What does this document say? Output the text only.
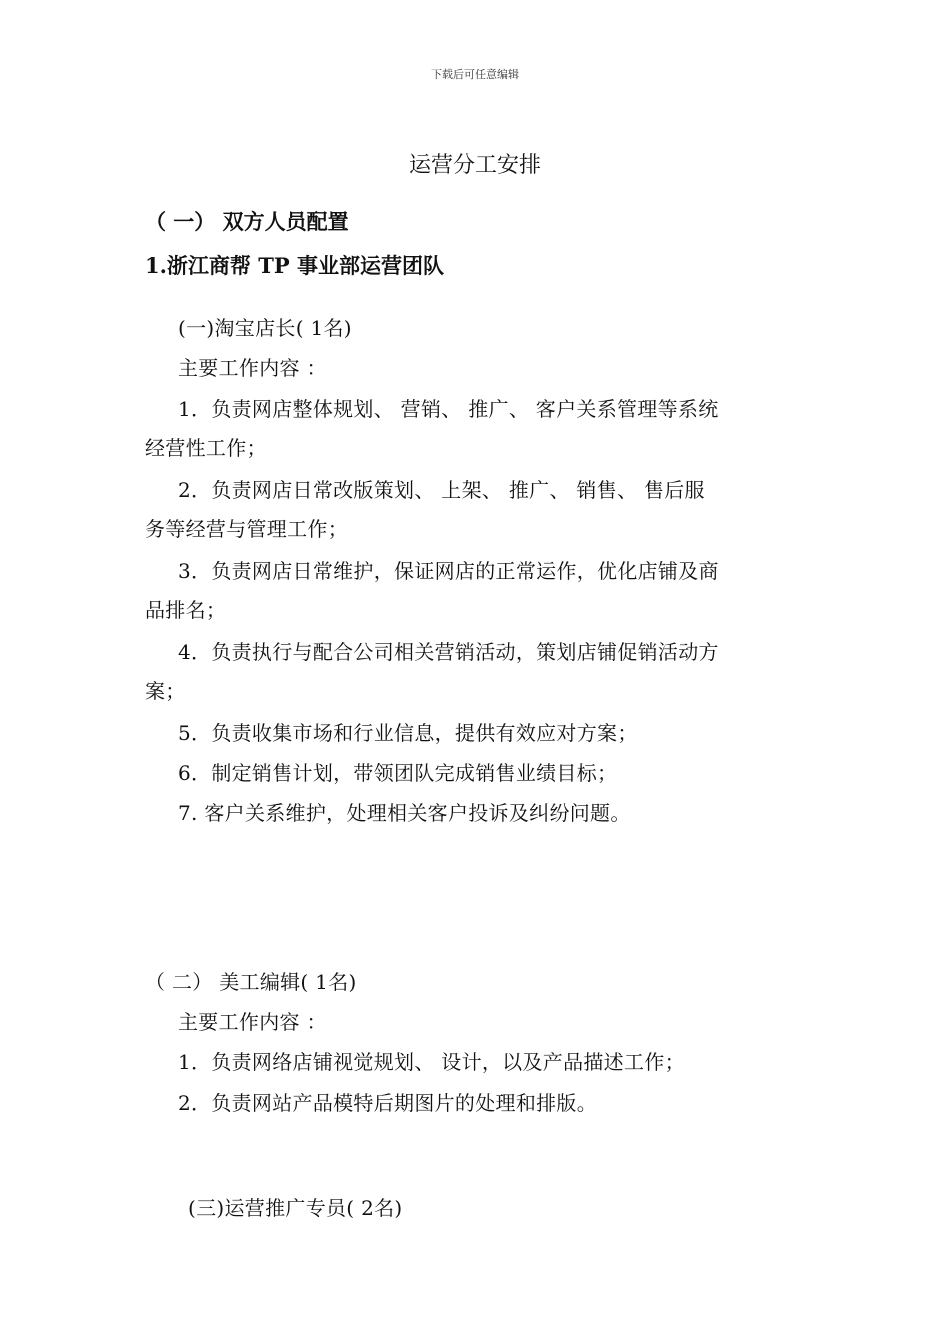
下载后可任意编辑
运营分工安排
（ 一） 双方人员配置
1.浙江商帮 TP 事业部运营团队
(一)淘宝店长( 1名)
主要工作内容 ：
1．负责网店整体规划、 营销、 推广、 客户关系管理等系统
经营性工作；
2．负责网店日常改版策划、 上架、 推广、 销售、 售后服
务等经营与管理工作；
3．负责网店日常维护，保证网店的正常运作，优化店铺及商
品排名；
4．负责执行与配合公司相关营销活动，策划店铺促销活动方
案；
5．负责收集市场和行业信息，提供有效应对方案；
6．制定销售计划，带领团队完成销售业绩目标；
7. 客户关系维护，处理相关客户投诉及纠纷问题。
（ 二） 美工编辑( 1名)
主要工作内容 ：
1．负责网络店铺视觉规划、 设计，以及产品描述工作；
2．负责网站产品模特后期图片的处理和排版。
(三)运营推广专员( 2名)
